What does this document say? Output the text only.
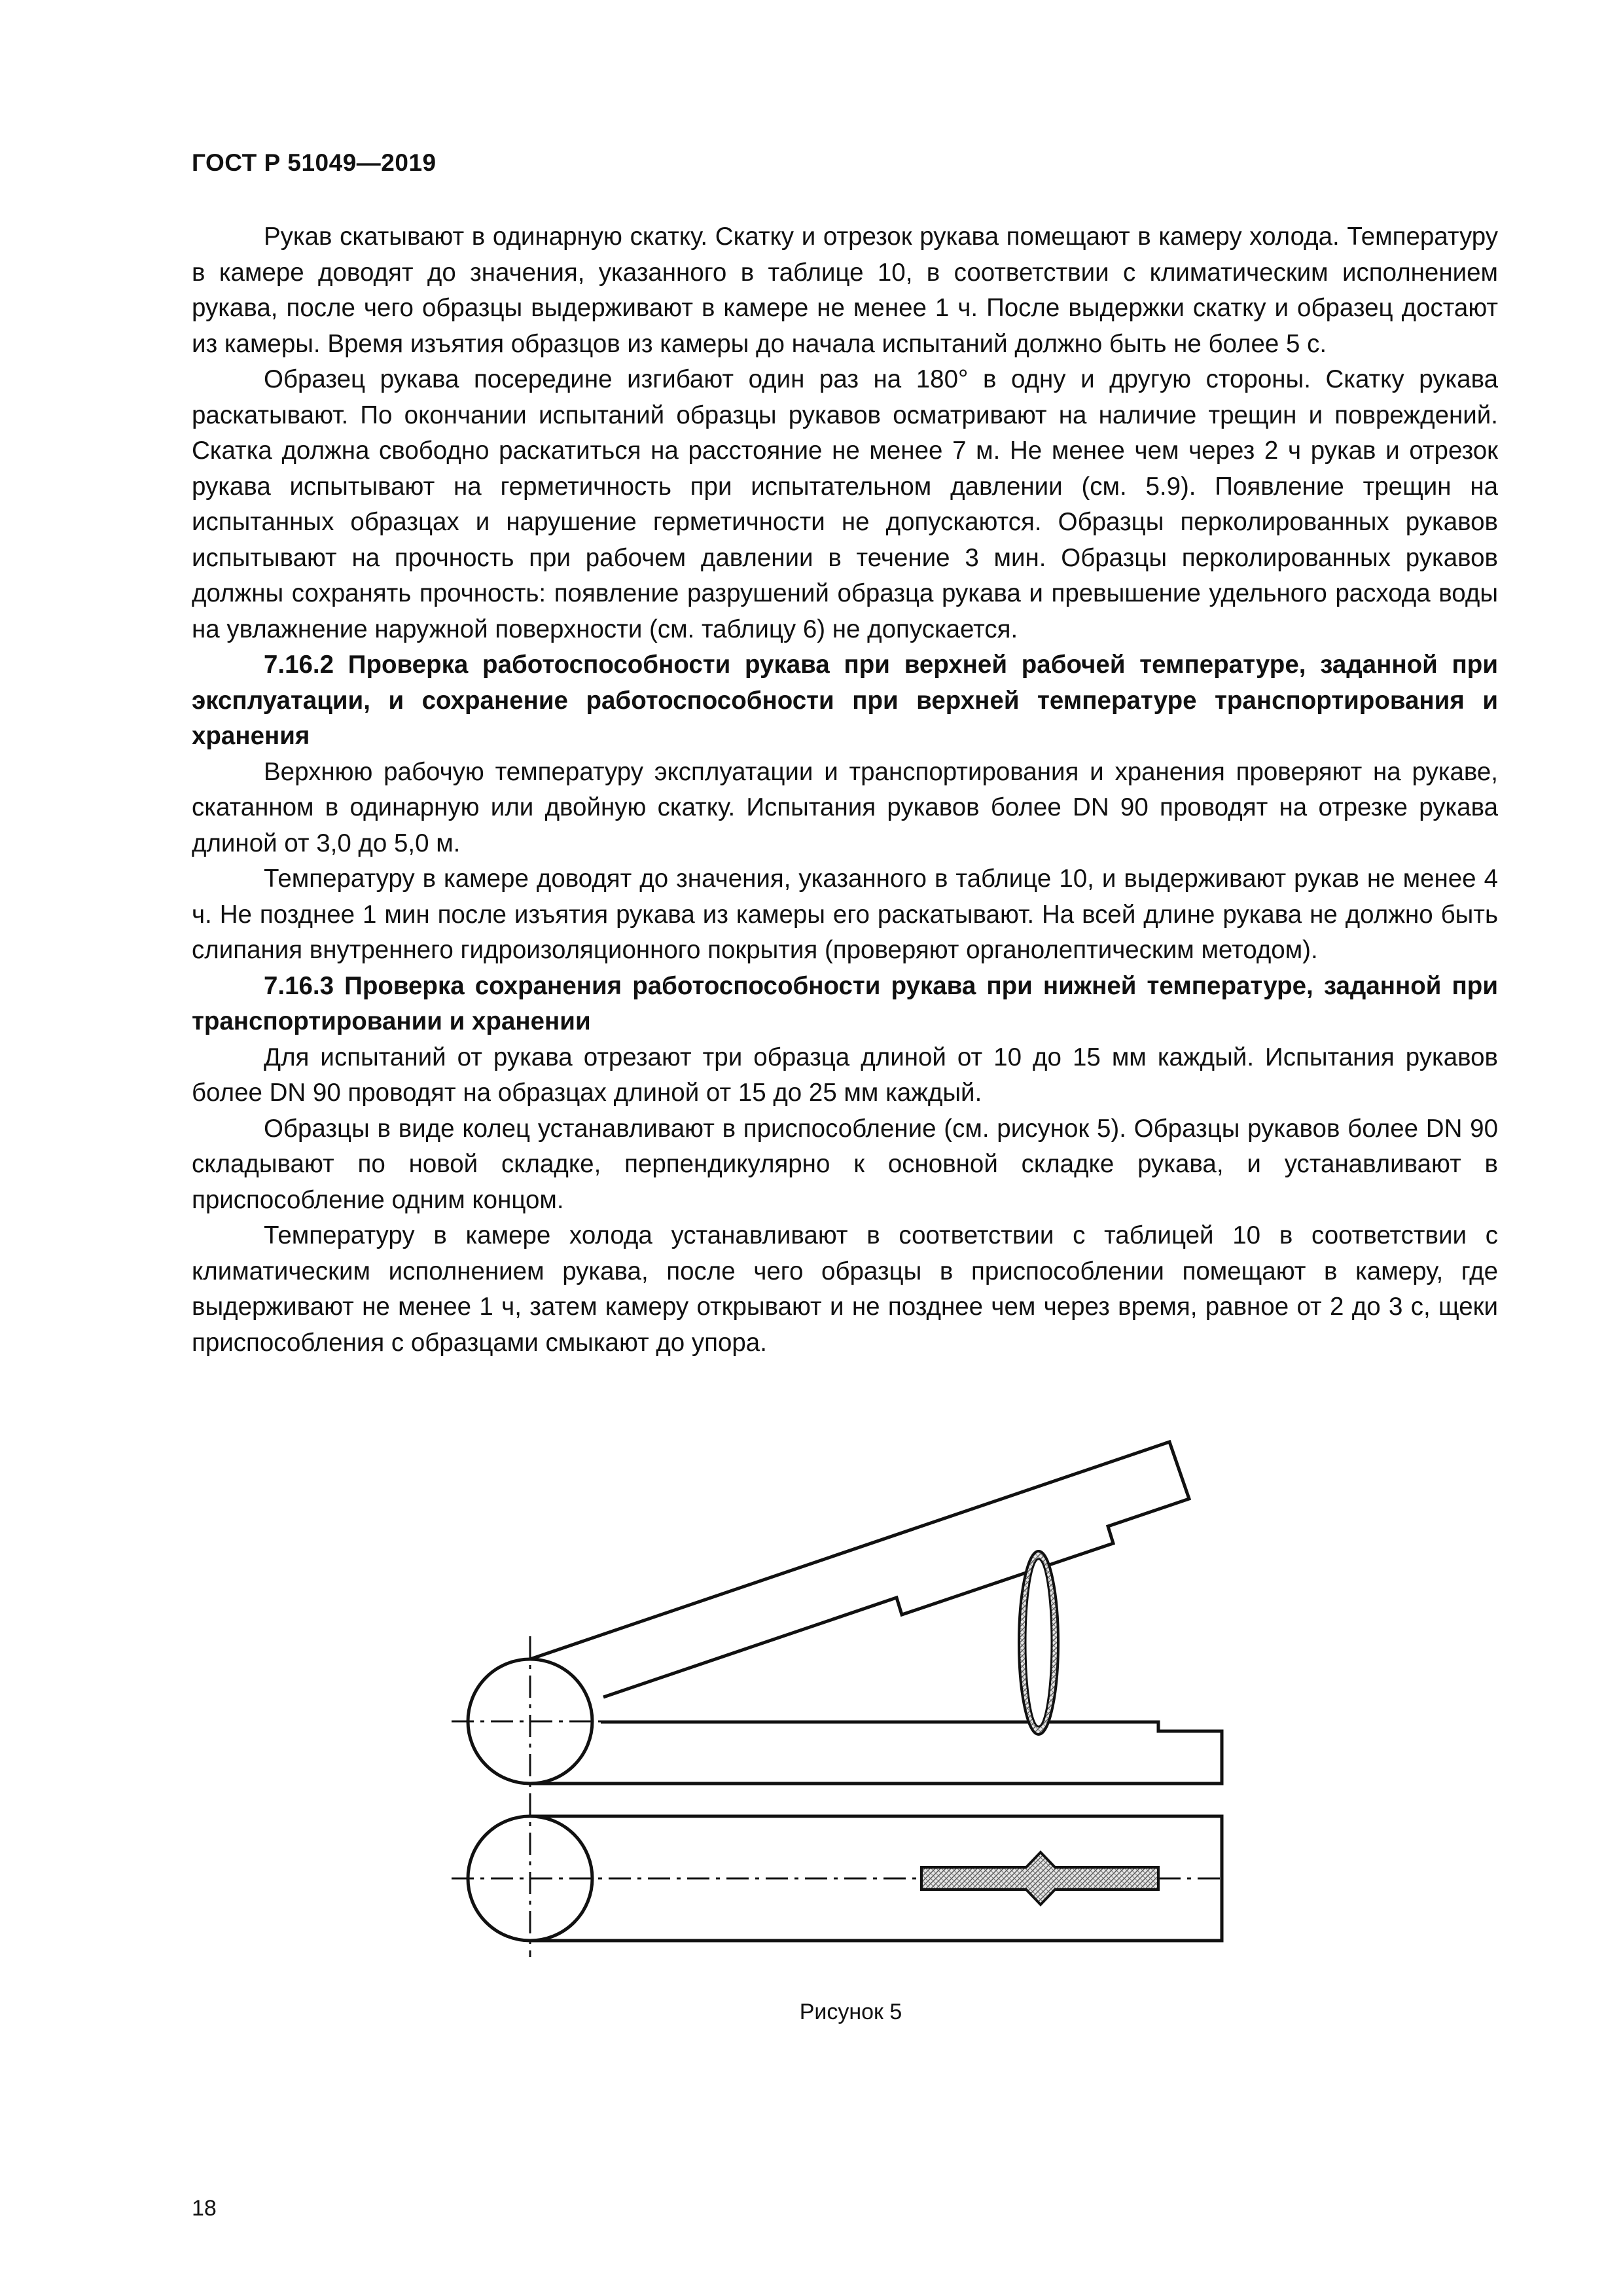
ГОСТ Р 51049—2019

Рукав скатывают в одинарную скатку. Скатку и отрезок рукава помещают в камеру холода. Температуру в камере доводят до значения, указанного в таблице 10, в соответствии с климатическим исполнением рукава, после чего образцы выдерживают в камере не менее 1 ч. После выдержки скатку и образец достают из камеры. Время изъятия образцов из камеры до начала испытаний должно быть не более 5 с.

Образец рукава посередине изгибают один раз на 180° в одну и другую стороны. Скатку рукава раскатывают. По окончании испытаний образцы рукавов осматривают на наличие трещин и повреждений. Скатка должна свободно раскатиться на расстояние не менее 7 м. Не менее чем через 2 ч рукав и отрезок рукава испытывают на герметичность при испытательном давлении (см. 5.9). Появление трещин на испытанных образцах и нарушение герметичности не допускаются. Образцы перколированных рукавов испытывают на прочность при рабочем давлении в течение 3 мин. Образцы перколированных рукавов должны сохранять прочность: появление разрушений образца рукава и превышение удельного расхода воды на увлажнение наружной поверхности (см. таблицу 6) не допускается.

7.16.2 Проверка работоспособности рукава при верхней рабочей температуре, заданной при эксплуатации, и сохранение работоспособности при верхней температуре транспортирования и хранения

Верхнюю рабочую температуру эксплуатации и транспортирования и хранения проверяют на рукаве, скатанном в одинарную или двойную скатку. Испытания рукавов более DN 90 проводят на отрезке рукава длиной от 3,0 до 5,0 м.

Температуру в камере доводят до значения, указанного в таблице 10, и выдерживают рукав не менее 4 ч. Не позднее 1 мин после изъятия рукава из камеры его раскатывают. На всей длине рукава не должно быть слипания внутреннего гидроизоляционного покрытия (проверяют органолептическим методом).

7.16.3 Проверка сохранения работоспособности рукава при нижней температуре, заданной при транспортировании и хранении

Для испытаний от рукава отрезают три образца длиной от 10 до 15 мм каждый. Испытания рукавов более DN 90 проводят на образцах длиной от 15 до 25 мм каждый.

Образцы в виде колец устанавливают в приспособление (см. рисунок 5). Образцы рукавов более DN 90 складывают по новой складке, перпендикулярно к основной складке рукава, и устанавливают в приспособление одним концом.

Температуру в камере холода устанавливают в соответствии с таблицей 10 в соответствии с климатическим исполнением рукава, после чего образцы в приспособлении помещают в камеру, где выдерживают не менее 1 ч, затем камеру открывают и не позднее чем через время, равное от 2 до 3 с, щеки приспособления с образцами смыкают до упора.

Рисунок 5
18
